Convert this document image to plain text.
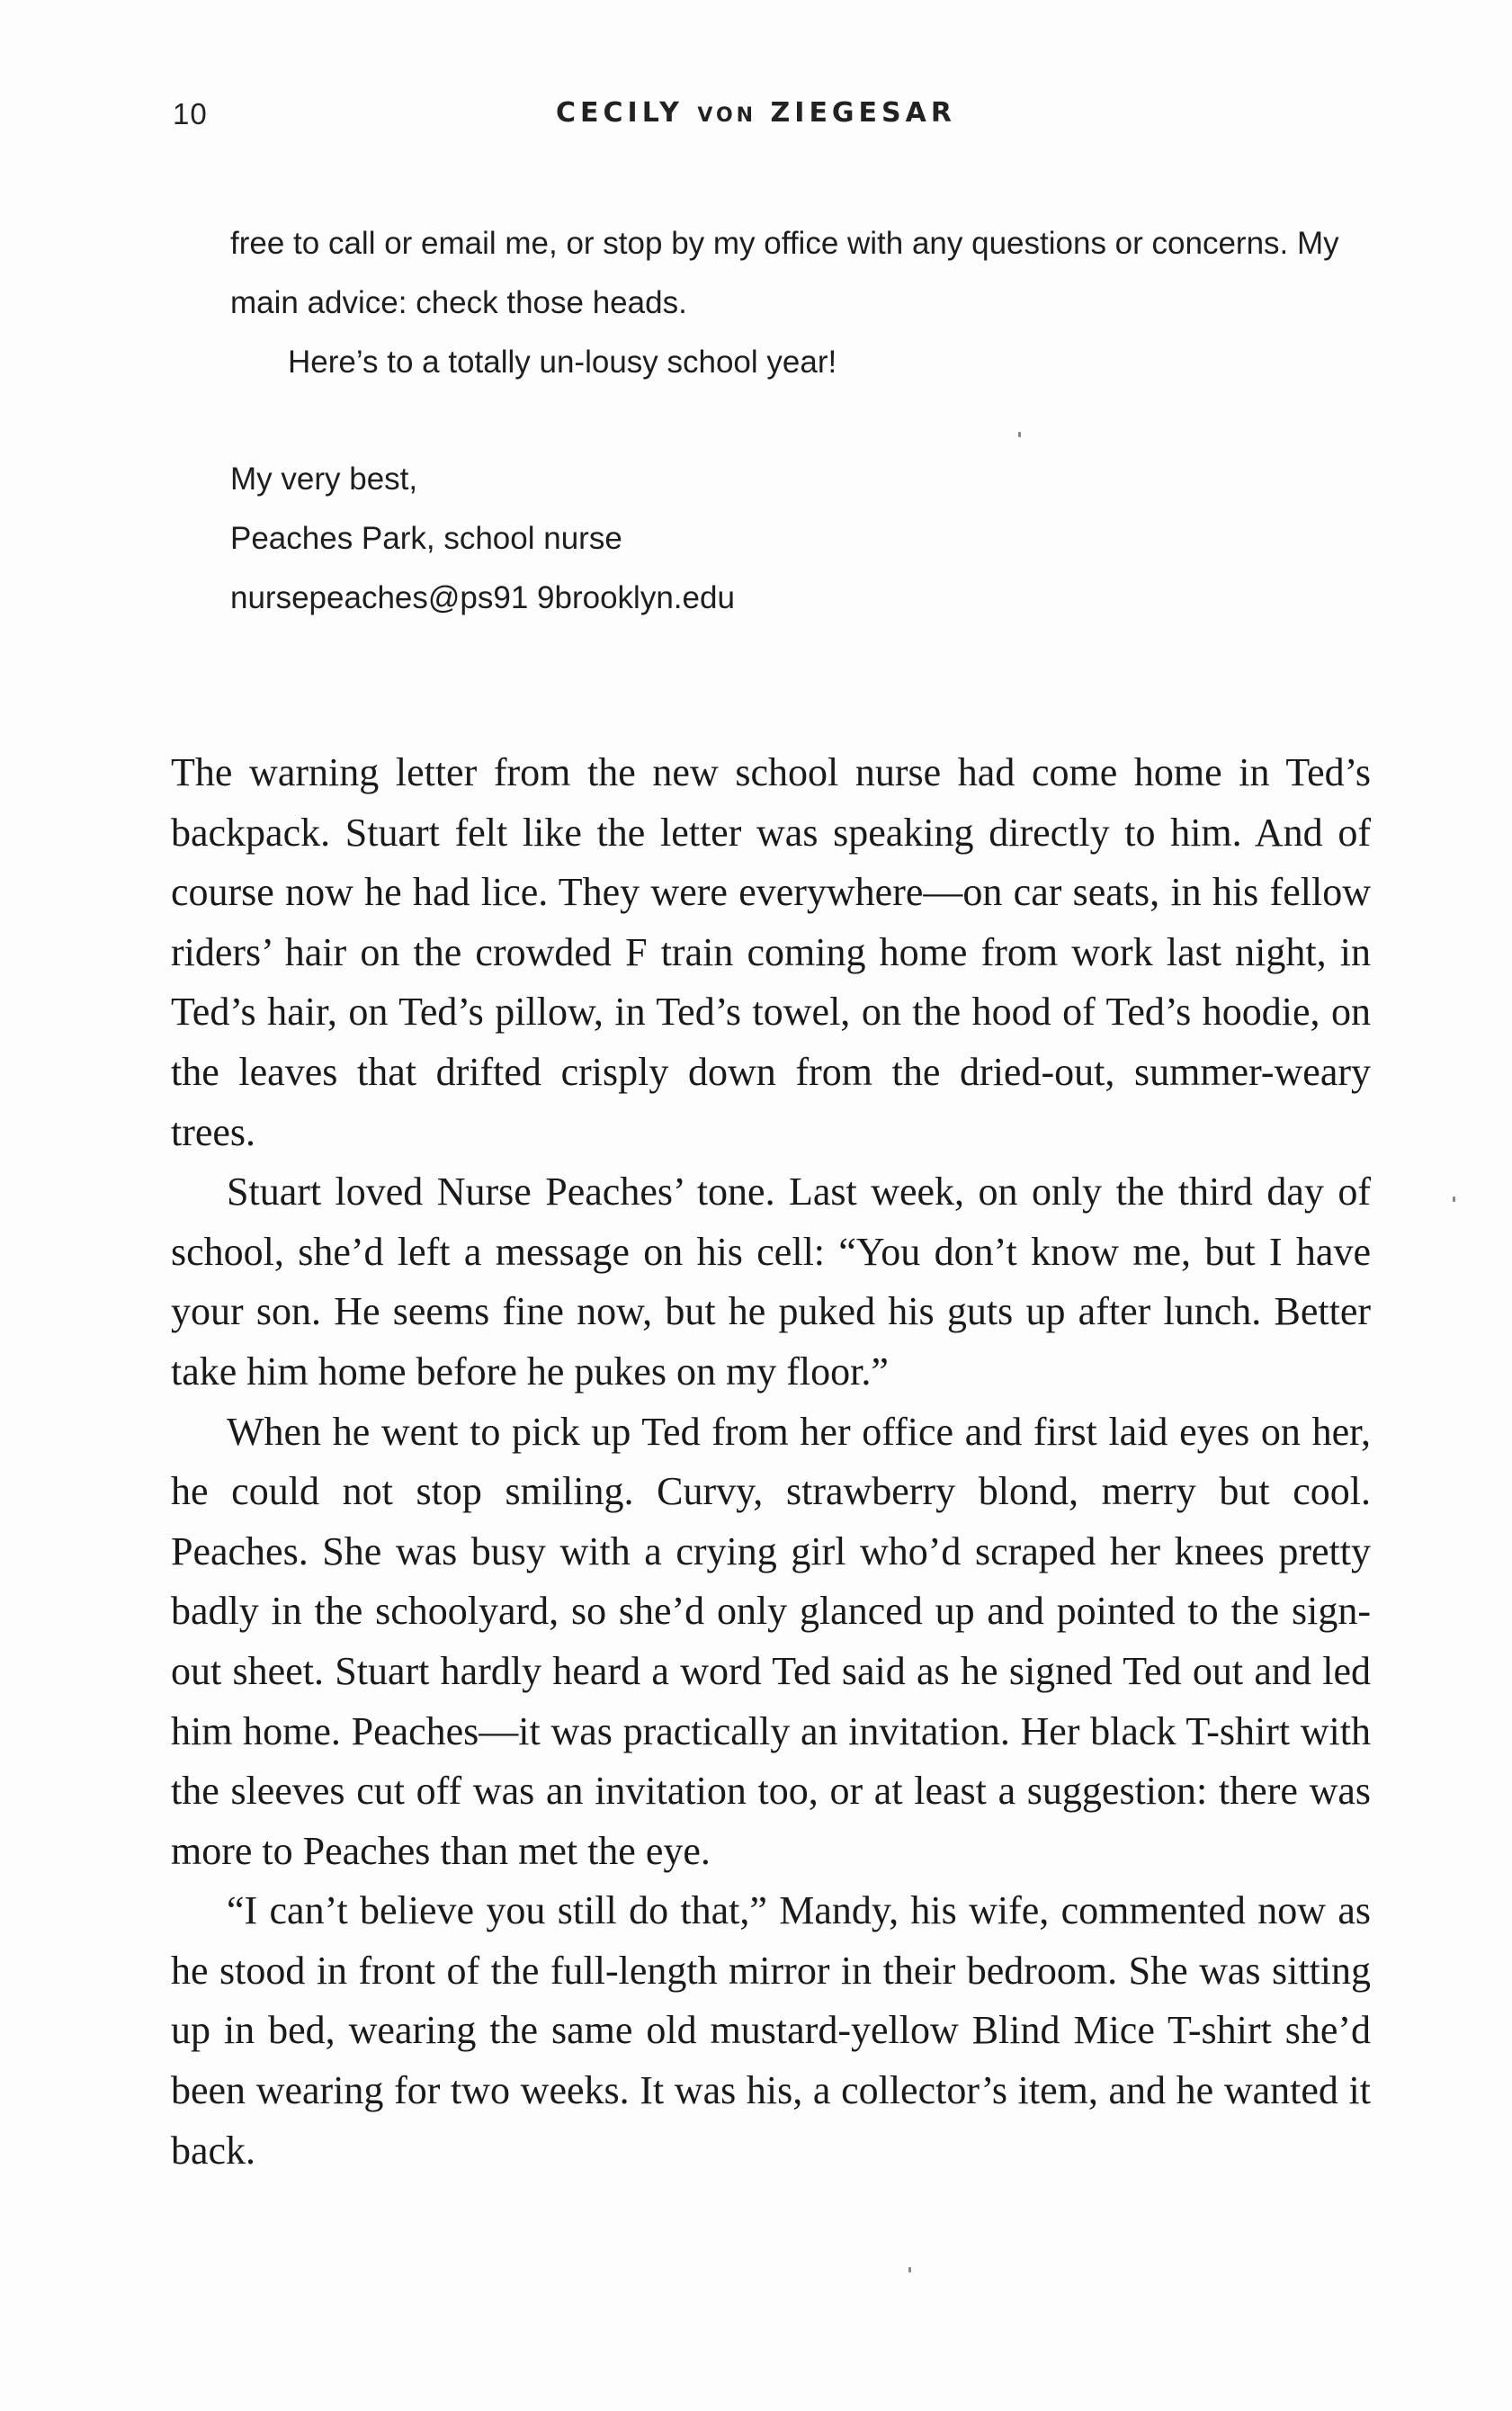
10	CECILY VON ZIEGESAR

free to call or email me, or stop by my office with any questions or concerns. My main advice: check those heads.

Here’s to a totally un-lousy school year!

My very best,

Peaches Park, school nurse

nursepeaches@ps91 9brooklyn.edu

The warning letter from the new school nurse had come home in Ted’s backpack. Stuart felt like the letter was speaking directly to him. And of course now he had lice. They were everywhere—on car seats, in his fellow riders’ hair on the crowded F train coming home from work last night, in Ted’s hair, on Ted’s pillow, in Ted’s towel, on the hood of Ted’s hoodie, on the leaves that drifted crisply down from the dried-out, summer-weary trees.

Stuart loved Nurse Peaches’ tone. Last week, on only the third day of school, she’d left a message on his cell: “You don’t know me, but I have your son. He seems fine now, but he puked his guts up after lunch. Better take him home before he pukes on my floor.”

When he went to pick up Ted from her office and first laid eyes on her, he could not stop smiling. Curvy, strawberry blond, merry but cool. Peaches. She was busy with a crying girl who’d scraped her knees pretty badly in the schoolyard, so she’d only glanced up and pointed to the sign-out sheet. Stuart hardly heard a word Ted said as he signed Ted out and led him home. Peaches—it was practically an invitation. Her black T-shirt with the sleeves cut off was an invitation too, or at least a suggestion: there was more to Peaches than met the eye.

“I can’t believe you still do that,” Mandy, his wife, commented now as he stood in front of the full-length mirror in their bedroom. She was sitting up in bed, wearing the same old mustard-yellow Blind Mice T-shirt she’d been wearing for two weeks. It was his, a collector’s item, and he wanted it back.
